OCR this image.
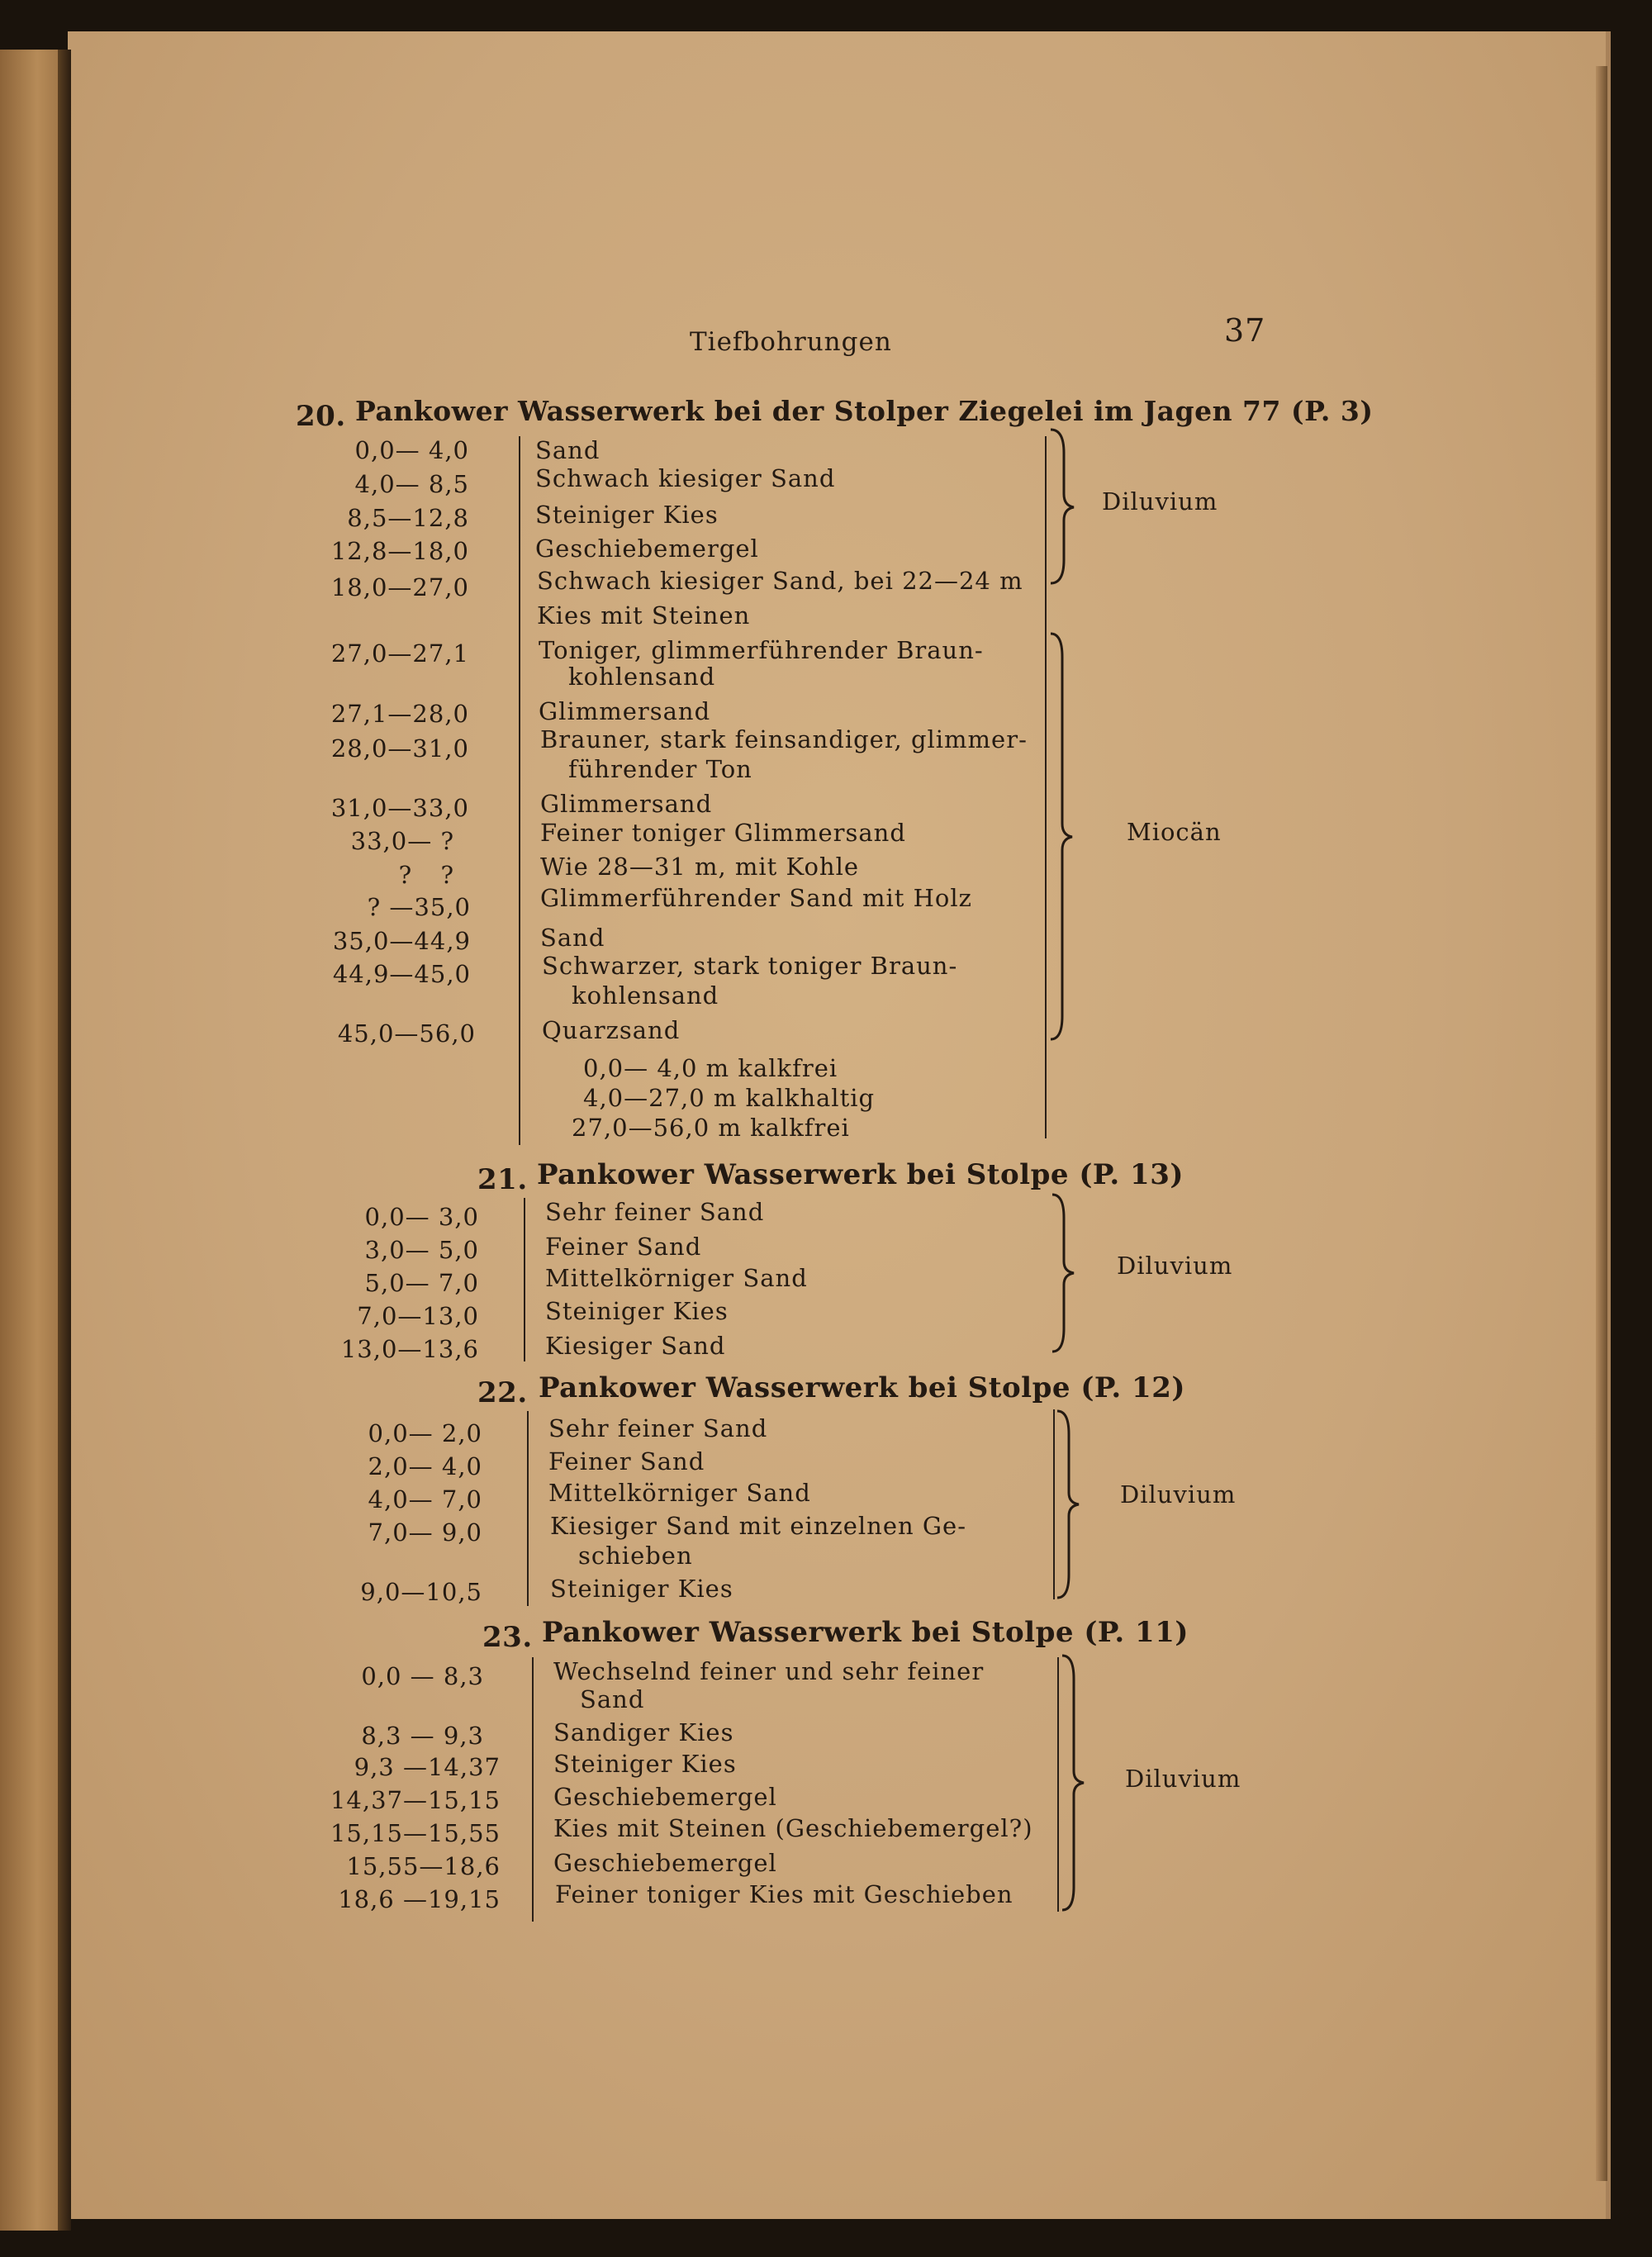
Tiefbohrungen	37
20. Pankower Wasserwerk bei der Stolper Ziegelei im Jagen 77 (P. 3)
0,0— 4,0	Sand
4,0— 8,5	Schwach kiesiger Sand
8,5—12,8	Steiniger Kies
12,8—18,0	Geschiebemergel
18,0—27,0	Schwach kiesiger Sand, bei 22—24 m
Kies mit Steinen
27,0—27,1	Toniger, glimmerführender Braun-
kohlensand
27,1—28,0	Glimmersand
28,0—31,0	Brauner, stark feinsandiger, glimmer-
führender Ton
31,0—33,0	Glimmersand
33,0— ?	Feiner toniger Glimmersand
? ?	Wie 28—31 m, mit Kohle
? —35,0	Glimmerführender Sand mit Holz
35,0—44,9	Sand
44,9—45,0	Schwarzer, stark toniger Braun-
kohlensand
45,0—56,0	Quarzsand
0,0— 4,0 m kalkfrei
4,0—27,0 m kalkhaltig
27,0—56,0 m kalkfrei
Diluvium
Miocän
21. Pankower Wasserwerk bei Stolpe (P. 13)
0,0— 3,0	Sehr feiner Sand
3,0— 5,0	Feiner Sand
5,0— 7,0	Mittelkörniger Sand
7,0—13,0	Steiniger Kies
13,0—13,6	Kiesiger Sand
Diluvium
22. Pankower Wasserwerk bei Stolpe (P. 12)
0,0— 2,0	Sehr feiner Sand
2,0— 4,0	Feiner Sand
4,0— 7,0	Mittelkörniger Sand
7,0— 9,0	Kiesiger Sand mit einzelnen Ge-
schieben
9,0—10,5	Steiniger Kies
Diluvium
23. Pankower Wasserwerk bei Stolpe (P. 11)
0,0 — 8,3	Wechselnd feiner und sehr feiner
Sand
8,3 — 9,3	Sandiger Kies
9,3 —14,37 Steiniger Kies
14,37—15,15 Geschiebemergel
15,15—15,55 Kies mit Steinen (Geschiebemergel?)
15,55—18,6 Geschiebemergel
18,6 —19,15 Feiner toniger Kies mit Geschieben
Diluvium
